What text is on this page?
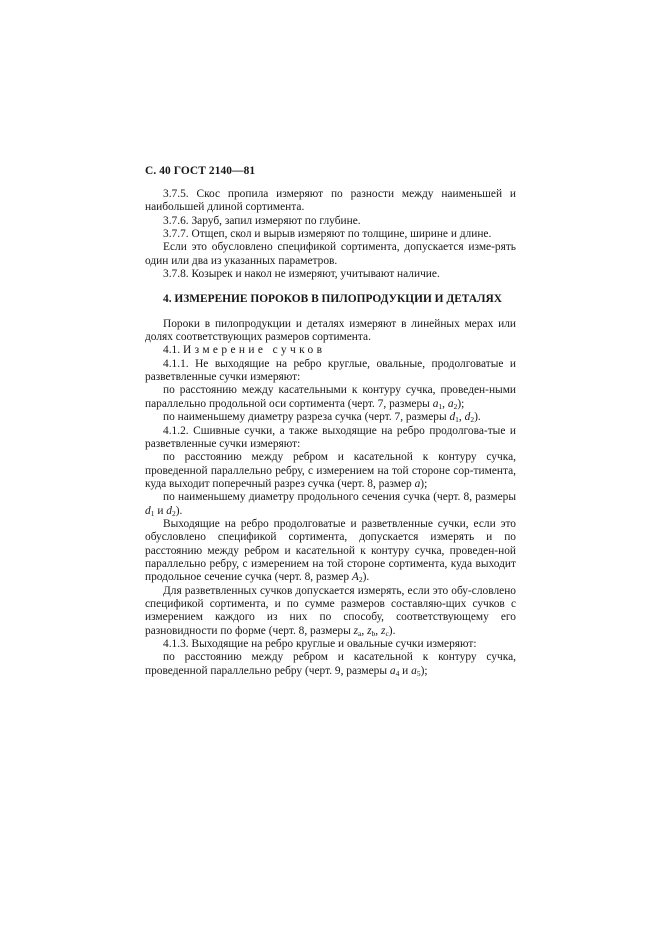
С. 40 ГОСТ 2140—81

3.7.5. Скос пропила измеряют по разности между наименьшей и наибольшей длиной сортимента.

3.7.6. Заруб, запил измеряют по глубине.

3.7.7. Отщеп, скол и вырыв измеряют по толщине, ширине и длине.

Если это обусловлено спецификой сортимента, допускается изме-рять один или два из указанных параметров.

3.7.8. Козырек и накол не измеряют, учитывают наличие.

4. ИЗМЕРЕНИЕ ПОРОКОВ В ПИЛОПРОДУКЦИИ И ДЕТАЛЯХ

Пороки в пилопродукции и деталях измеряют в линейных мерах или долях соответствующих размеров сортимента.

4.1. Измерение сучков

4.1.1. Не выходящие на ребро круглые, овальные, продолговатые и разветвленные сучки измеряют:

по расстоянию между касательными к контуру сучка, проведен-ными параллельно продольной оси сортимента (черт. 7, размеры $a_1$, $a_2$);

по наименьшему диаметру разреза сучка (черт. 7, размеры $d_1$, $d_2$).

4.1.2. Сшивные сучки, а также выходящие на ребро продолгова-тые и разветвленные сучки измеряют:

по расстоянию между ребром и касательной к контуру сучка, проведенной параллельно ребру, с измерением на той стороне сор-тимента, куда выходит поперечный разрез сучка (черт. 8, размер a);

по наименьшему диаметру продольного сечения сучка (черт. 8, размеры $d_1$ и $d_2$).

Выходящие на ребро продолговатые и разветвленные сучки, если это обусловлено спецификой сортимента, допускается измерять и по расстоянию между ребром и касательной к контуру сучка, проведен-ной параллельно ребру, с измерением на той стороне сортимента, куда выходит продольное сечение сучка (черт. 8, размер $A_2$).

Для разветвленных сучков допускается измерять, если это обу-словлено спецификой сортимента, и по сумме размеров составляю-щих сучков с измерением каждого из них по способу, соответствующему его разновидности по форме (черт. 8, размеры $z_a$, $z_b$, $z_c$).

4.1.3. Выходящие на ребро круглые и овальные сучки измеряют:

по расстоянию между ребром и касательной к контуру сучка, проведенной параллельно ребру (черт. 9, размеры $a_4$ и $a_5$);
